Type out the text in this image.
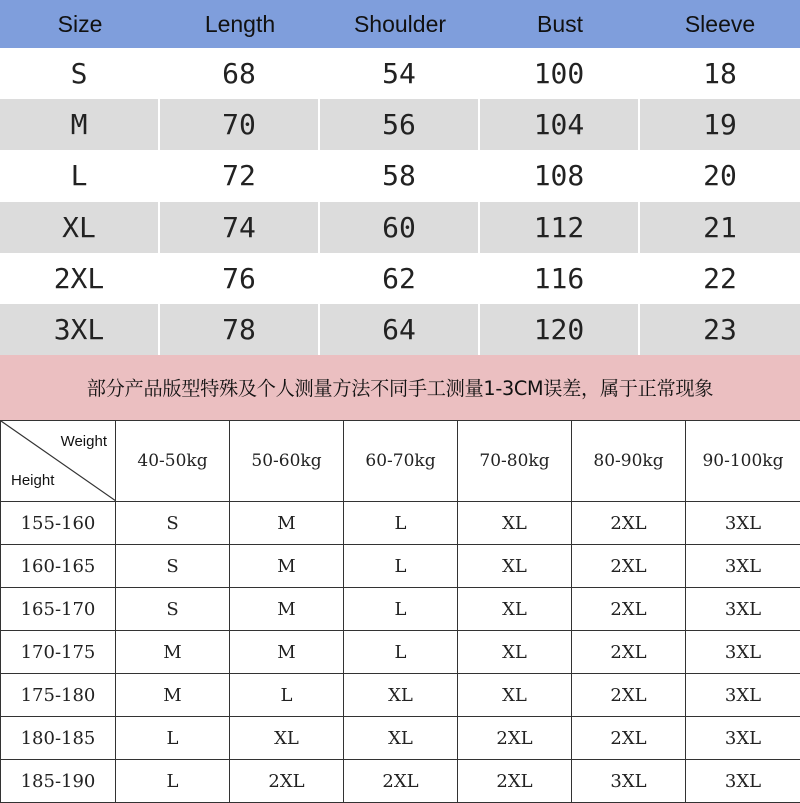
Size	Length	Shoulder	Bust	Sleeve
S	68	54	100	18
M	70	56	104	19
L	72	58	108	20
XL	74	60	112	21
2XL	76	62	116	22
3XL	78	64	120	23
部分产品版型特殊及个人测量方法不同手工测量1-3CM误差，属于正常现象
Weight
Height	40-50kg	50-60kg	60-70kg	70-80kg	80-90kg	90-100kg
155-160	S	M	L	XL	2XL	3XL
160-165	S	M	L	XL	2XL	3XL
165-170	S	M	L	XL	2XL	3XL
170-175	M	M	L	XL	2XL	3XL
175-180	M	L	XL	XL	2XL	3XL
180-185	L	XL	XL	2XL	2XL	3XL
185-190	L	2XL	2XL	2XL	3XL	3XL
